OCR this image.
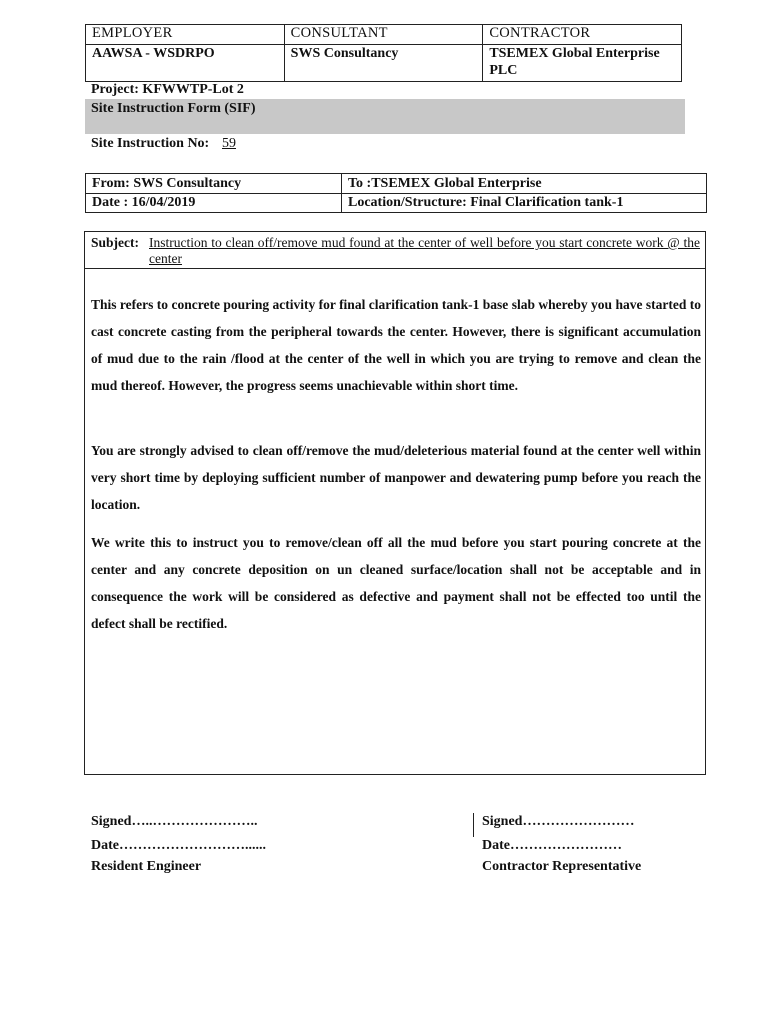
EMPLOYER	CONSULTANT	CONTRACTOR
AAWSA - WSDRPO	SWS Consultancy	TSEMEX Global Enterprise
PLC
Project: KFWWTP-Lot 2
Site Instruction Form (SIF)
Site Instruction No: 59
From: SWS Consultancy	To :TSEMEX Global Enterprise
Date : 16/04/2019	Location/Structure: Final Clarification tank-1
Subject: Instruction to clean off/remove mud found at the center of well before you start concrete work @ the center

This refers to concrete pouring activity for final clarification tank-1 base slab whereby you have started to cast concrete casting from the peripheral towards the center. However, there is significant accumulation of mud due to the rain /flood at the center of the well in which you are trying to remove and clean the mud thereof. However, the progress seems unachievable within short time.

You are strongly advised to clean off/remove the mud/deleterious material found at the center well within very short time by deploying sufficient number of manpower and dewatering pump before you reach the location.

We write this to instruct you to remove/clean off all the mud before you start pouring concrete at the center and any concrete deposition on un cleaned surface/location shall not be acceptable and in consequence the work will be considered as defective and payment shall not be effected too until the defect shall be rectified.

Signed…..…………………..
Date………………………......
Resident Engineer
Signed……………………
Date……………………
Contractor Representative
